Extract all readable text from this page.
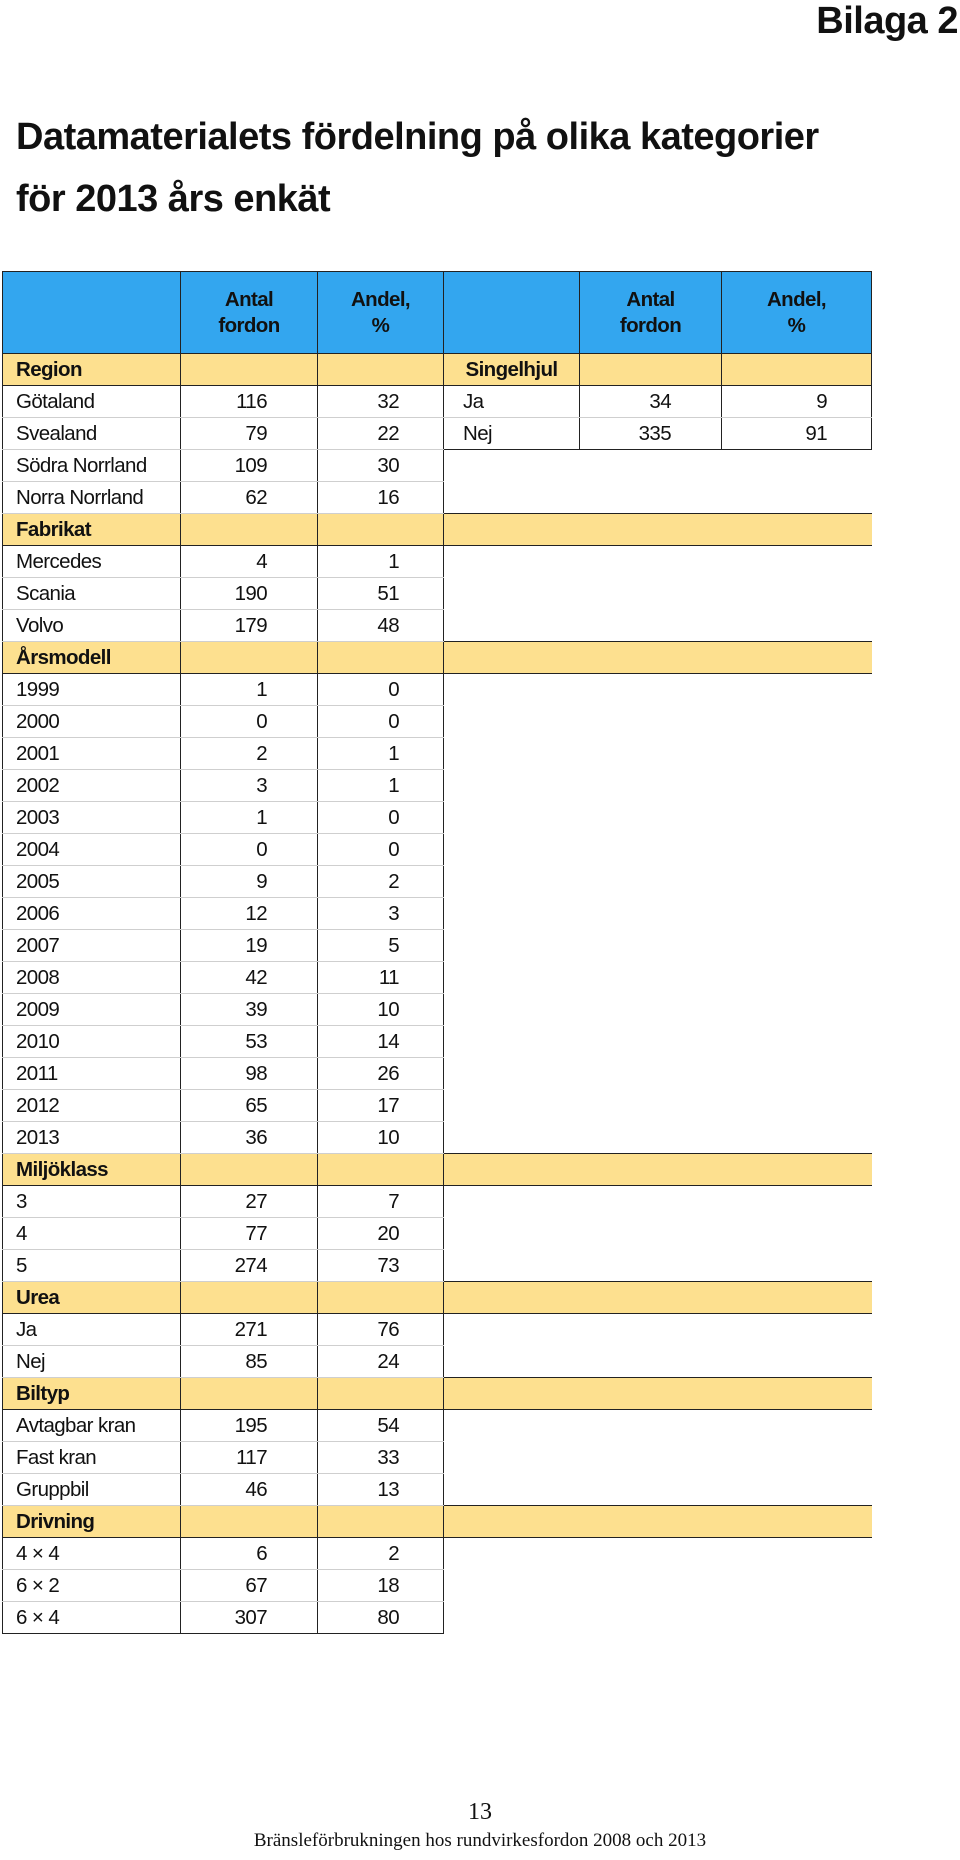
Bilaga 2
Datamaterialets fördelning på olika kategorier
för 2013 års enkät
	Antal
fordon	Andel,
%		Antal
fordon	Andel,
%
Region			Singelhjul		
Götaland	116	32	Ja	34	9
Svealand	79	22	Nej	335	91
Södra Norrland	109	30			
Norra Norrland	62	16			
Fabrikat					
Mercedes	4	1			
Scania	190	51			
Volvo	179	48			
Årsmodell					
1999	1	0			
2000	0	0			
2001	2	1			
2002	3	1			
2003	1	0			
2004	0	0			
2005	9	2			
2006	12	3			
2007	19	5			
2008	42	11			
2009	39	10			
2010	53	14			
2011	98	26			
2012	65	17			
2013	36	10			
Miljöklass					
3	27	7			
4	77	20			
5	274	73			
Urea					
Ja	271	76			
Nej	85	24			
Biltyp					
Avtagbar kran	195	54			
Fast kran	117	33			
Gruppbil	46	13			
Drivning					
4 × 4	6	2			
6 × 2	67	18			
6 × 4	307	80			
13
Bränsleförbrukningen hos rundvirkesfordon 2008 och 2013
